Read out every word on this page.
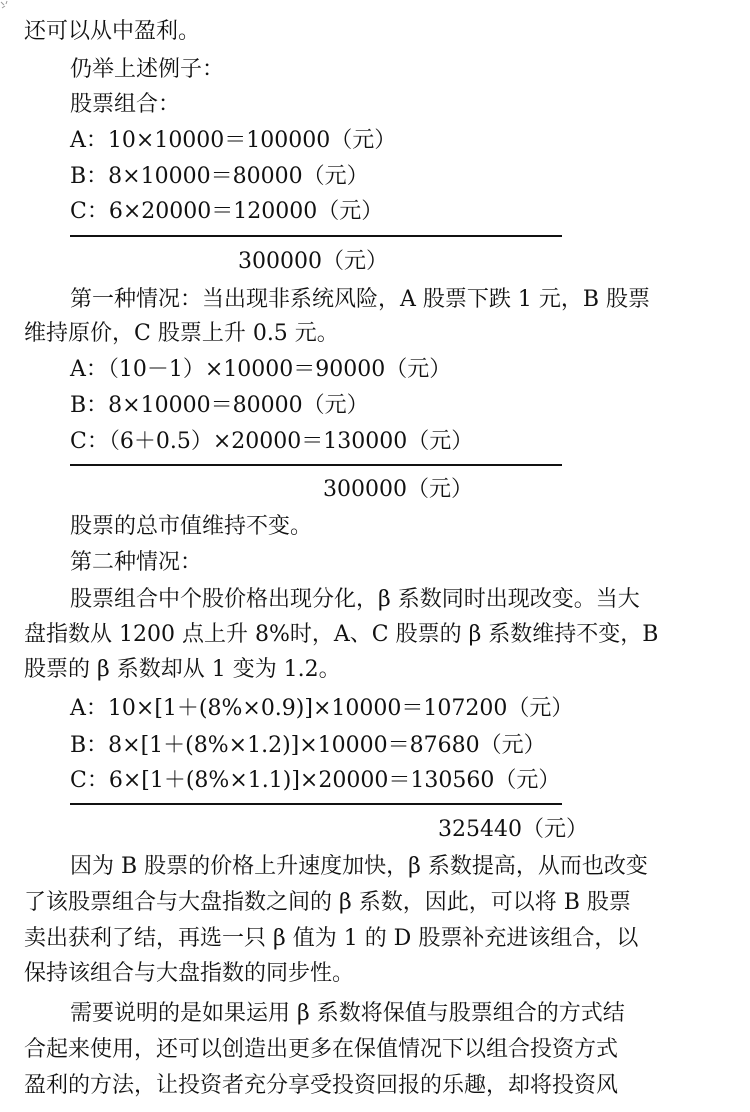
还可以从中盈利。
仍举上述例子：
股票组合：
A：10×10000＝100000（元）
B：8×10000＝80000（元）
C：6×20000＝120000（元）
300000（元）
第一种情况：当出现非系统风险，A 股票下跌 1 元，B 股票
维持原价，C 股票上升 0.5 元。
A：（10－1）×10000＝90000（元）
B：8×10000＝80000（元）
C：（6＋0.5）×20000＝130000（元）
300000（元）
股票的总市值维持不变。
第二种情况：
股票组合中个股价格出现分化，β 系数同时出现改变。当大
盘指数从 1200 点上升 8%时，A、C 股票的 β 系数维持不变，B
股票的 β 系数却从 1 变为 1.2。
A：10×[1＋(8%×0.9)]×10000＝107200（元）
B：8×[1＋(8%×1.2)]×10000＝87680（元）
C：6×[1＋(8%×1.1)]×20000＝130560（元）
325440（元）
因为 B 股票的价格上升速度加快，β 系数提高，从而也改变
了该股票组合与大盘指数之间的 β 系数，因此，可以将 B 股票
卖出获利了结，再选一只 β 值为 1 的 D 股票补充进该组合，以
保持该组合与大盘指数的同步性。
需要说明的是如果运用 β 系数将保值与股票组合的方式结
合起来使用，还可以创造出更多在保值情况下以组合投资方式
盈利的方法，让投资者充分享受投资回报的乐趣，却将投资风
